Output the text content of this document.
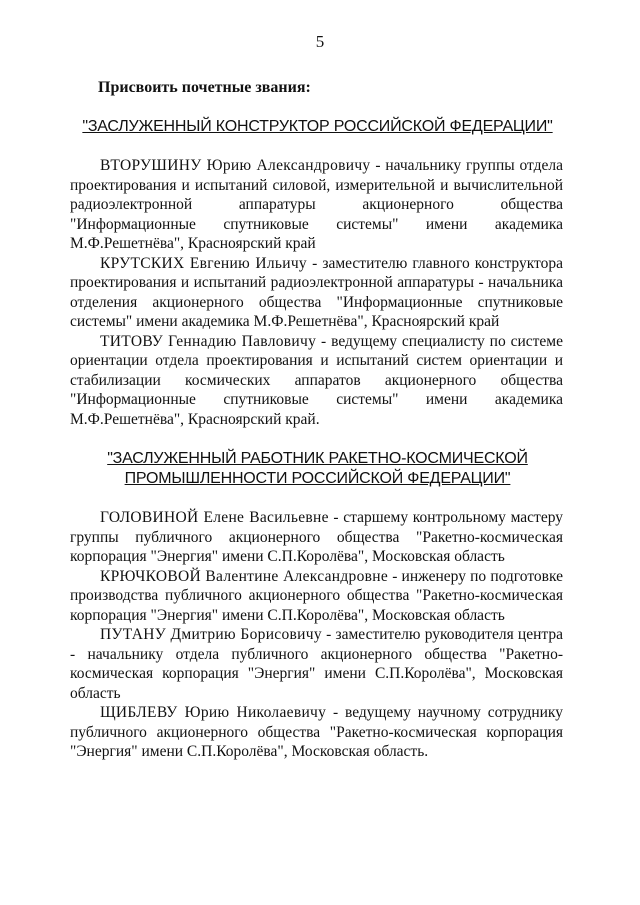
5
Присвоить почетные звания:
"ЗАСЛУЖЕННЫЙ КОНСТРУКТОР РОССИЙСКОЙ ФЕДЕРАЦИИ"

ВТОРУШИНУ Юрию Александровичу - начальнику группы отдела проектирования и испытаний силовой, измерительной и вычислительной радиоэлектронной аппаратуры акционерного общества "Информационные спутниковые системы" имени академика М.Ф.Решетнёва", Красноярский край

КРУТСКИХ Евгению Ильичу - заместителю главного конструктора проектирования и испытаний радиоэлектронной аппаратуры - начальника отделения акционерного общества "Информационные спутниковые системы" имени академика М.Ф.Решетнёва", Красноярский край

ТИТОВУ Геннадию Павловичу - ведущему специалисту по системе ориентации отдела проектирования и испытаний систем ориентации и стабилизации космических аппаратов акционерного общества "Информационные спутниковые системы" имени академика М.Ф.Решетнёва", Красноярский край.

"ЗАСЛУЖЕННЫЙ РАБОТНИК РАКЕТНО-КОСМИЧЕСКОЙ
ПРОМЫШЛЕННОСТИ РОССИЙСКОЙ ФЕДЕРАЦИИ"

ГОЛОВИНОЙ Елене Васильевне - старшему контрольному мастеру группы публичного акционерного общества "Ракетно-космическая корпорация "Энергия" имени С.П.Королёва", Московская область

КРЮЧКОВОЙ Валентине Александровне - инженеру по подготовке производства публичного акционерного общества "Ракетно-космическая корпорация "Энергия" имени С.П.Королёва", Московская область

ПУТАНУ Дмитрию Борисовичу - заместителю руководителя центра - начальнику отдела публичного акционерного общества "Ракетно-космическая корпорация "Энергия" имени С.П.Королёва", Московская область

ЩИБЛЕВУ Юрию Николаевичу - ведущему научному сотруднику публичного акционерного общества "Ракетно-космическая корпорация "Энергия" имени С.П.Королёва", Московская область.
